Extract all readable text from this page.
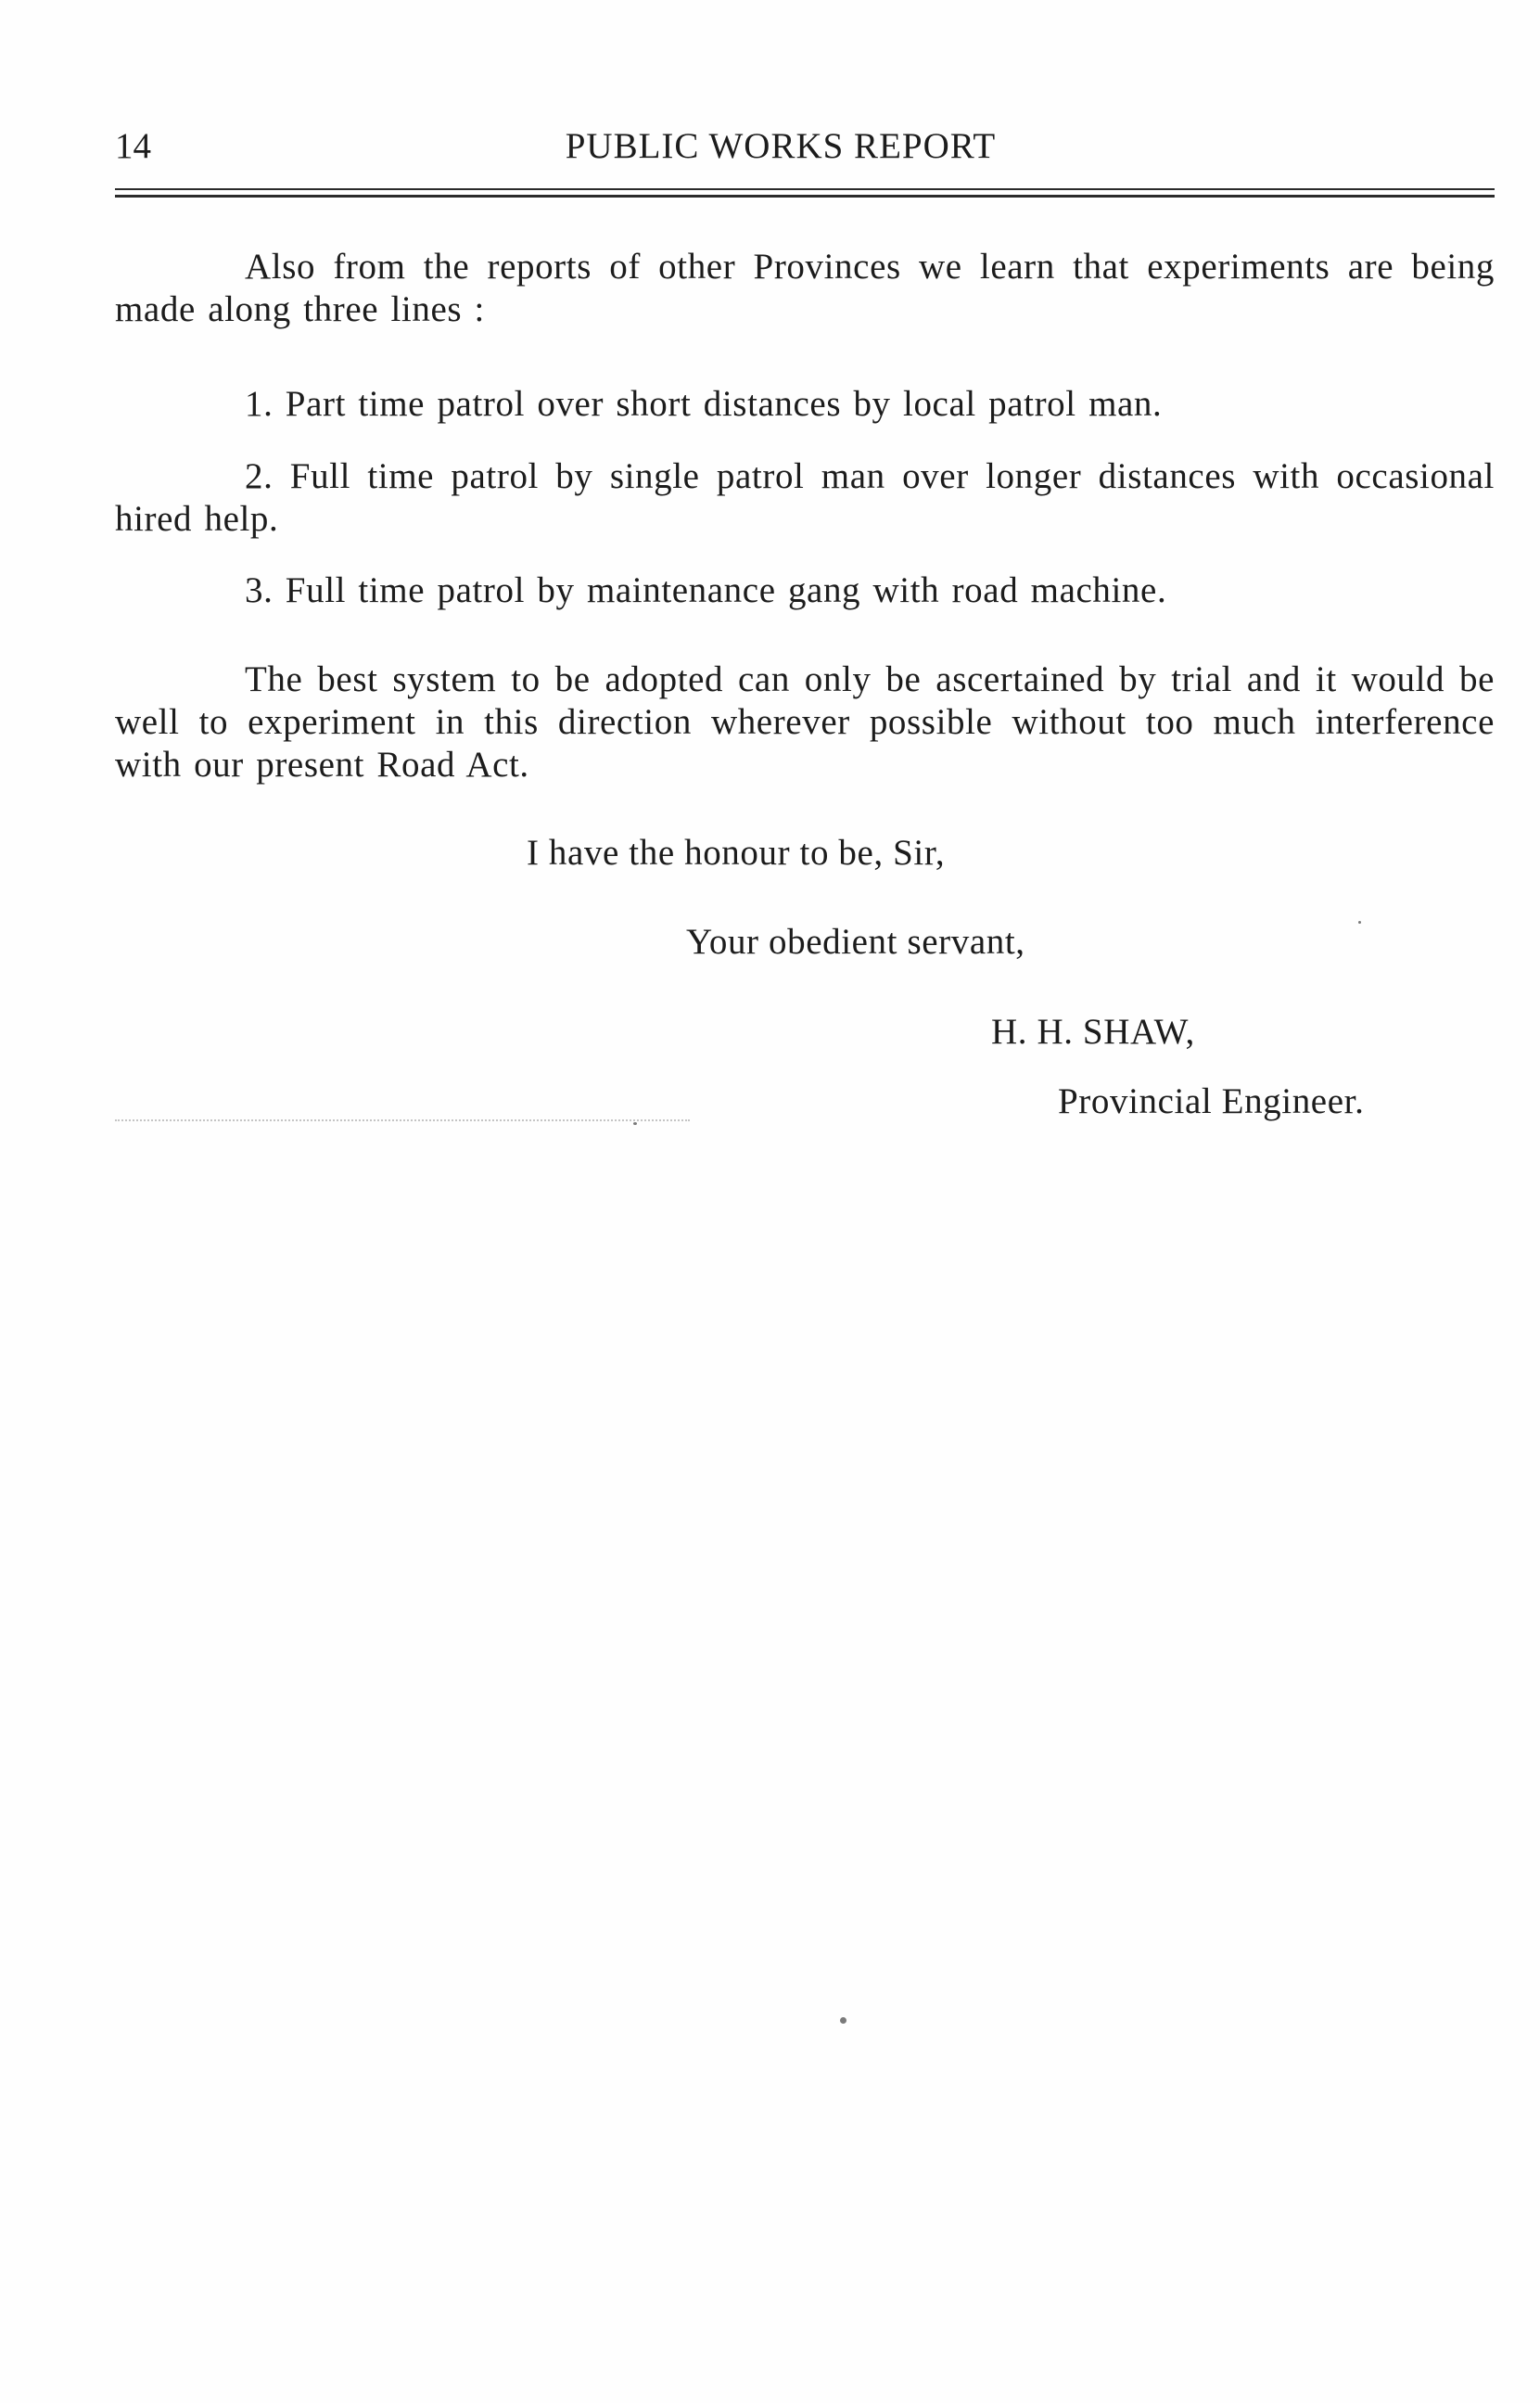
14	PUBLIC WORKS REPORT

Also from the reports of other Provinces we learn that experiments are being made along three lines :

1. Part time patrol over short distances by local patrol man.

2. Full time patrol by single patrol man over longer distances with occasional hired help.

3. Full time patrol by maintenance gang with road machine.

The best system to be adopted can only be ascertained by trial and it would be well to experiment in this direction wherever possible without too much interference with our present Road Act.

I have the honour to be, Sir,
Your obedient servant,
H. H. SHAW,
Provincial Engineer.
